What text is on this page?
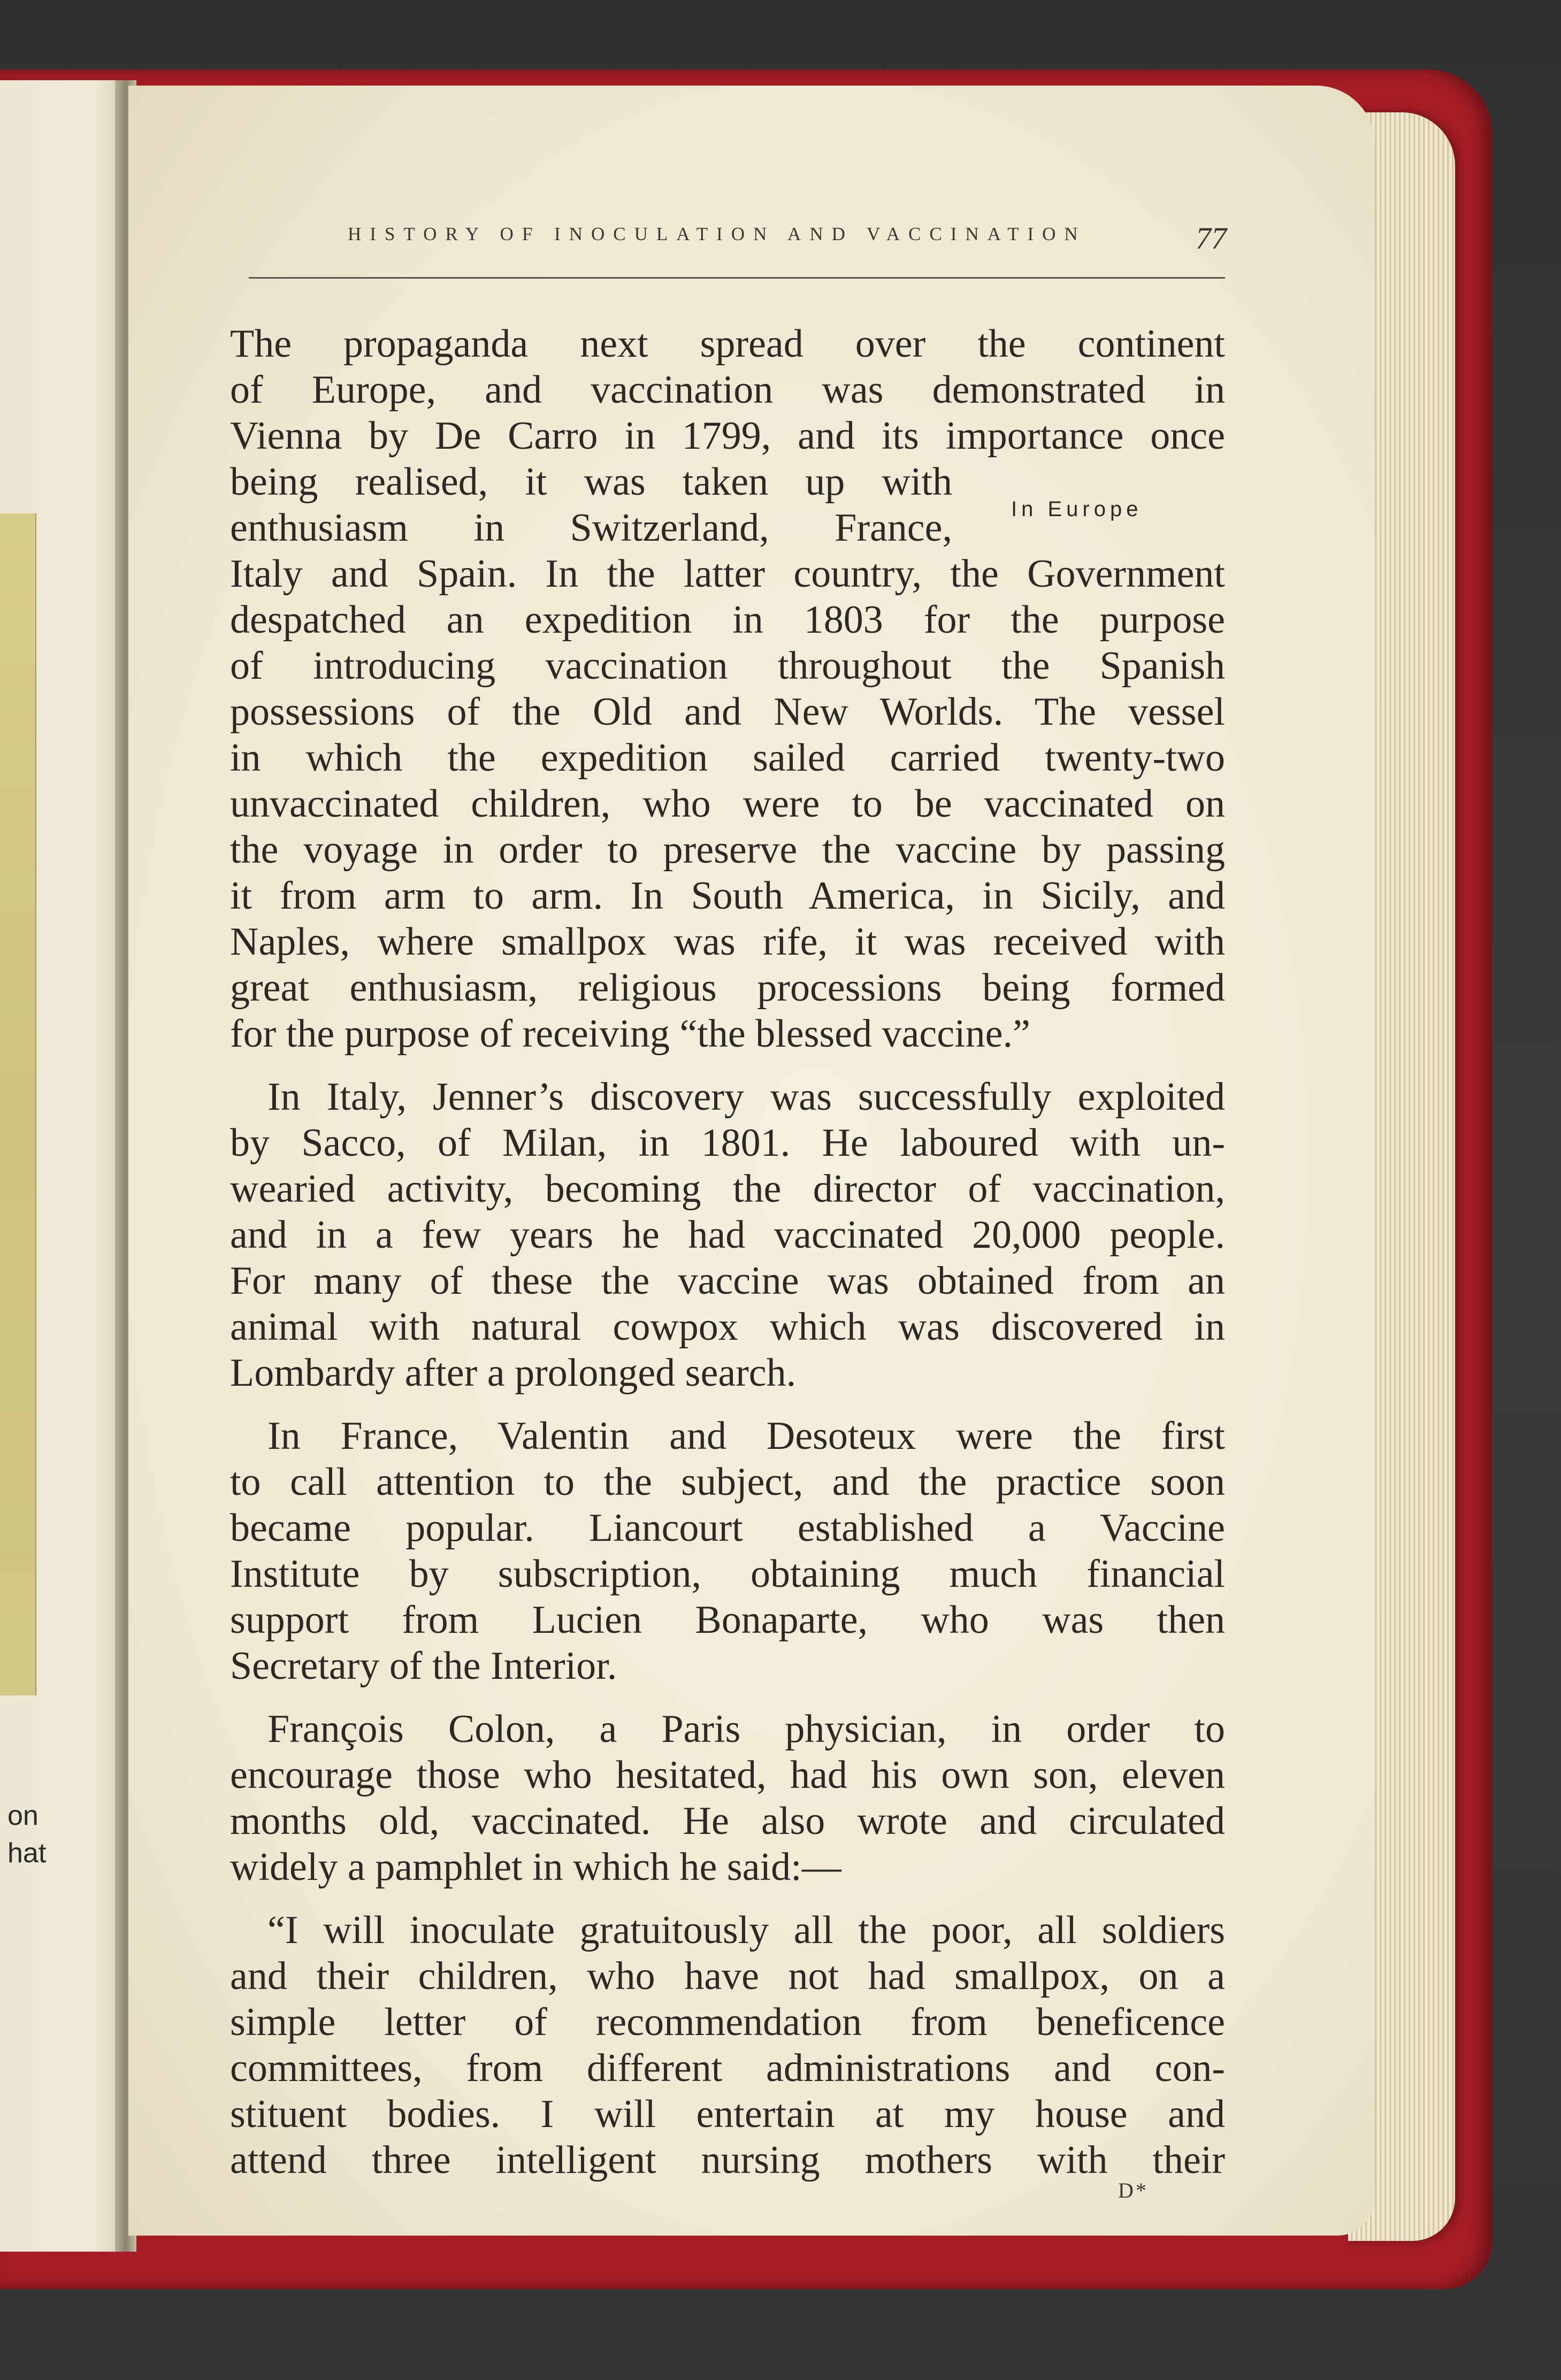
on
hat
HISTORY OF INOCULATION AND VACCINATION	77
In Europe
The propaganda next spread over the continent
of Europe, and vaccination was demonstrated in
Vienna by De Carro in 1799, and its importance once
being realised, it was taken up with
enthusiasm in Switzerland, France,
Italy and Spain. In the latter country, the Government
despatched an expedition in 1803 for the purpose
of introducing vaccination throughout the Spanish
possessions of the Old and New Worlds. The vessel
in which the expedition sailed carried twenty-two
unvaccinated children, who were to be vaccinated on
the voyage in order to preserve the vaccine by passing
it from arm to arm. In South America, in Sicily, and
Naples, where smallpox was rife, it was received with
great enthusiasm, religious processions being formed
for the purpose of receiving “the blessed vaccine.”
In Italy, Jenner’s discovery was successfully exploited
by Sacco, of Milan, in 1801. He laboured with un-
wearied activity, becoming the director of vaccination,
and in a few years he had vaccinated 20,000 people.
For many of these the vaccine was obtained from an
animal with natural cowpox which was discovered in
Lombardy after a prolonged search.
In France, Valentin and Desoteux were the first
to call attention to the subject, and the practice soon
became popular. Liancourt established a Vaccine
Institute by subscription, obtaining much financial
support from Lucien Bonaparte, who was then
Secretary of the Interior.
François Colon, a Paris physician, in order to
encourage those who hesitated, had his own son, eleven
months old, vaccinated. He also wrote and circulated
widely a pamphlet in which he said:—
“I will inoculate gratuitously all the poor, all soldiers
and their children, who have not had smallpox, on a
simple letter of recommendation from beneficence
committees, from different administrations and con-
stituent bodies. I will entertain at my house and
attend three intelligent nursing mothers with their
D*
